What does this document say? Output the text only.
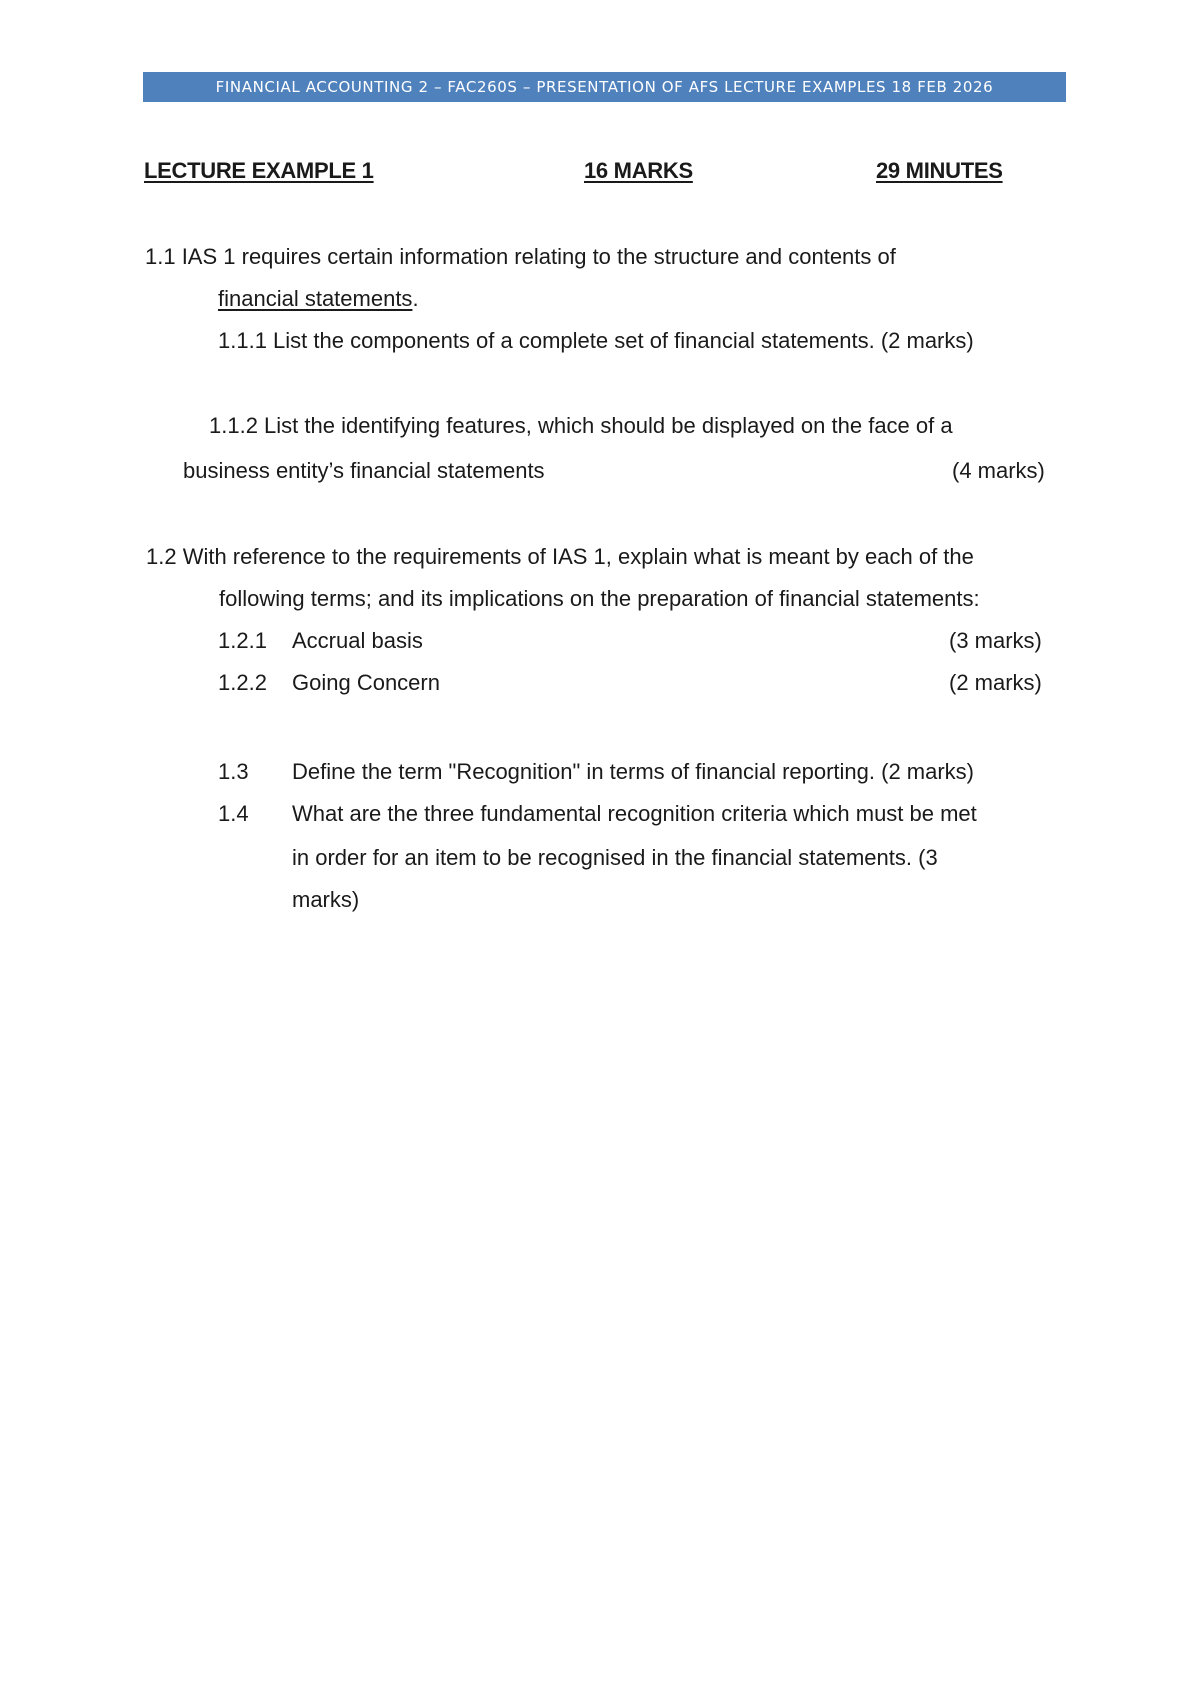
FINANCIAL ACCOUNTING 2 – FAC260S – PRESENTATION OF AFS LECTURE EXAMPLES 18 FEB 2026
LECTURE EXAMPLE 1	16 MARKS	29 MINUTES
1.1 IAS 1 requires certain information relating to the structure and contents of
financial statements.
1.1.1 List the components of a complete set of financial statements. (2 marks)
1.1.2 List the identifying features, which should be displayed on the face of a
business entity’s financial statements	(4 marks)
1.2 With reference to the requirements of IAS 1, explain what is meant by each of the
following terms; and its implications on the preparation of financial statements:
1.2.1 Accrual basis	(3 marks)
1.2.2 Going Concern	(2 marks)
1.3 Define the term "Recognition" in terms of financial reporting. (2 marks)
1.4 What are the three fundamental recognition criteria which must be met
in order for an item to be recognised in the financial statements. (3
marks)
